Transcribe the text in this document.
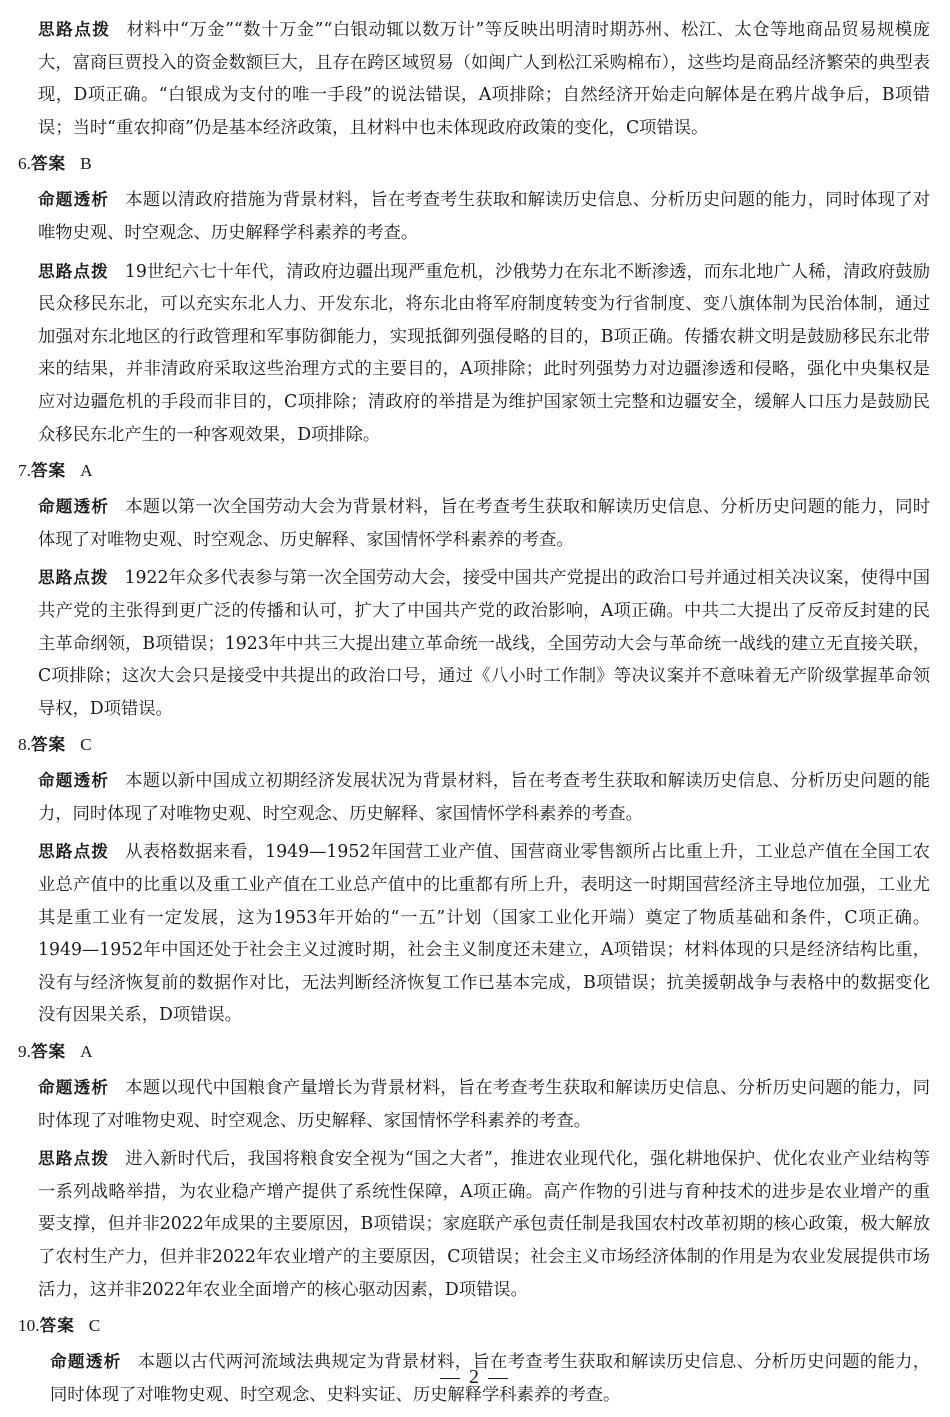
思路点拨 材料中“万金”“数十万金”“白银动辄以数万计”等反映出明清时期苏州、松江、太仓等地商品贸易规模庞大，富商巨贾投入的资金数额巨大，且存在跨区域贸易（如闽广人到松江采购棉布），这些均是商品经济繁荣的典型表现，D项正确。“白银成为支付的唯一手段”的说法错误，A项排除；自然经济开始走向解体是在鸦片战争后，B项错误；当时“重农抑商”仍是基本经济政策，且材料中也未体现政府政策的变化，C项错误。

6.答案 B

命题透析 本题以清政府措施为背景材料，旨在考查考生获取和解读历史信息、分析历史问题的能力，同时体现了对唯物史观、时空观念、历史解释学科素养的考查。

思路点拨 19世纪六七十年代，清政府边疆出现严重危机，沙俄势力在东北不断渗透，而东北地广人稀，清政府鼓励民众移民东北，可以充实东北人力、开发东北，将东北由将军府制度转变为行省制度、变八旗体制为民治体制，通过加强对东北地区的行政管理和军事防御能力，实现抵御列强侵略的目的，B项正确。传播农耕文明是鼓励移民东北带来的结果，并非清政府采取这些治理方式的主要目的，A项排除；此时列强势力对边疆渗透和侵略，强化中央集权是应对边疆危机的手段而非目的，C项排除；清政府的举措是为维护国家领土完整和边疆安全，缓解人口压力是鼓励民众移民东北产生的一种客观效果，D项排除。

7.答案 A

命题透析 本题以第一次全国劳动大会为背景材料，旨在考查考生获取和解读历史信息、分析历史问题的能力，同时体现了对唯物史观、时空观念、历史解释、家国情怀学科素养的考查。

思路点拨 1922年众多代表参与第一次全国劳动大会，接受中国共产党提出的政治口号并通过相关决议案，使得中国共产党的主张得到更广泛的传播和认可，扩大了中国共产党的政治影响，A项正确。中共二大提出了反帝反封建的民主革命纲领，B项错误；1923年中共三大提出建立革命统一战线，全国劳动大会与革命统一战线的建立无直接关联，C项排除；这次大会只是接受中共提出的政治口号，通过《八小时工作制》等决议案并不意味着无产阶级掌握革命领导权，D项错误。

8.答案 C

命题透析 本题以新中国成立初期经济发展状况为背景材料，旨在考查考生获取和解读历史信息、分析历史问题的能力，同时体现了对唯物史观、时空观念、历史解释、家国情怀学科素养的考查。

思路点拨 从表格数据来看，1949—1952年国营工业产值、国营商业零售额所占比重上升，工业总产值在全国工农业总产值中的比重以及重工业产值在工业总产值中的比重都有所上升，表明这一时期国营经济主导地位加强，工业尤其是重工业有一定发展，这为1953年开始的“一五”计划（国家工业化开端）奠定了物质基础和条件，C项正确。1949—1952年中国还处于社会主义过渡时期，社会主义制度还未建立，A项错误；材料体现的只是经济结构比重，没有与经济恢复前的数据作对比，无法判断经济恢复工作已基本完成，B项错误；抗美援朝战争与表格中的数据变化没有因果关系，D项错误。

9.答案 A

命题透析 本题以现代中国粮食产量增长为背景材料，旨在考查考生获取和解读历史信息、分析历史问题的能力，同时体现了对唯物史观、时空观念、历史解释、家国情怀学科素养的考查。

思路点拨 进入新时代后，我国将粮食安全视为“国之大者”，推进农业现代化，强化耕地保护、优化农业产业结构等一系列战略举措，为农业稳产增产提供了系统性保障，A项正确。高产作物的引进与育种技术的进步是农业增产的重要支撑，但并非2022年成果的主要原因，B项错误；家庭联产承包责任制是我国农村改革初期的核心政策，极大解放了农村生产力，但并非2022年农业增产的主要原因，C项错误；社会主义市场经济体制的作用是为农业发展提供市场活力，这并非2022年农业全面增产的核心驱动因素，D项错误。

10.答案 C

命题透析 本题以古代两河流域法典规定为背景材料，旨在考查考生获取和解读历史信息、分析历史问题的能力，同时体现了对唯物史观、时空观念、史料实证、历史解释学科素养的考查。

— 2 —
